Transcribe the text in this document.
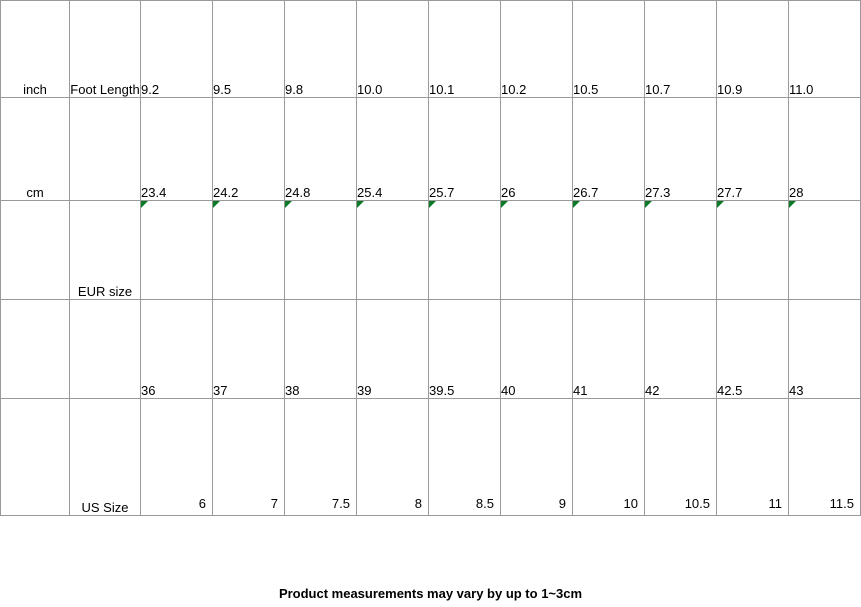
inch	Foot Length	9.2	9.5	9.8	10.0	10.1	10.2	10.5	10.7	10.9	11.0
cm		23.4	24.2	24.8	25.4	25.7	26	26.7	27.3	27.7	28
	EUR size	

		36	37	38	39	39.5	40	41	42	42.5	43
	US Size	6	7	7.5	8	8.5	9	10	10.5	11	11.5
Product measurements may vary by up to 1~3cm
